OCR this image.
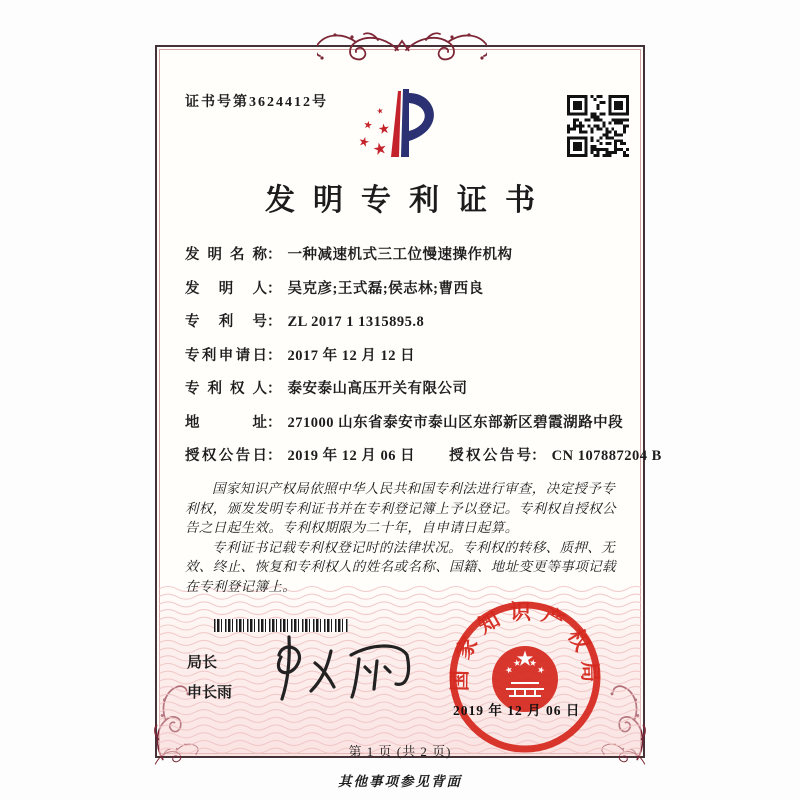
证书号第3624412号
发明专利证书
发明名称： 一种减速机式三工位慢速操作机构
发明人： 吴克彦;王式磊;侯志林;曹西良
专利号： ZL 2017 1 1315895.8
专利申请日： 2017 年 12 月 12 日
专利权人： 泰安泰山高压开关有限公司
地址： 271000 山东省泰安市泰山区东部新区碧霞湖路中段
授权公告日： 2019 年 12 月 06 日 授权公告号： CN 107887204 B

国家知识产权局依照中华人民共和国专利法进行审查，决定授予专利权，颁发发明专利证书并在专利登记簿上予以登记。专利权自授权公告之日起生效。专利权期限为二十年，自申请日起算。

专利证书记载专利权登记时的法律状况。专利权的转移、质押、无效、终止、恢复和专利权人的姓名或名称、国籍、地址变更等事项记载在专利登记簿上。

局长
申长雨
国家知识产权局
2019 年 12 月 06 日
第 1 页 (共 2 页)
其他事项参见背面
